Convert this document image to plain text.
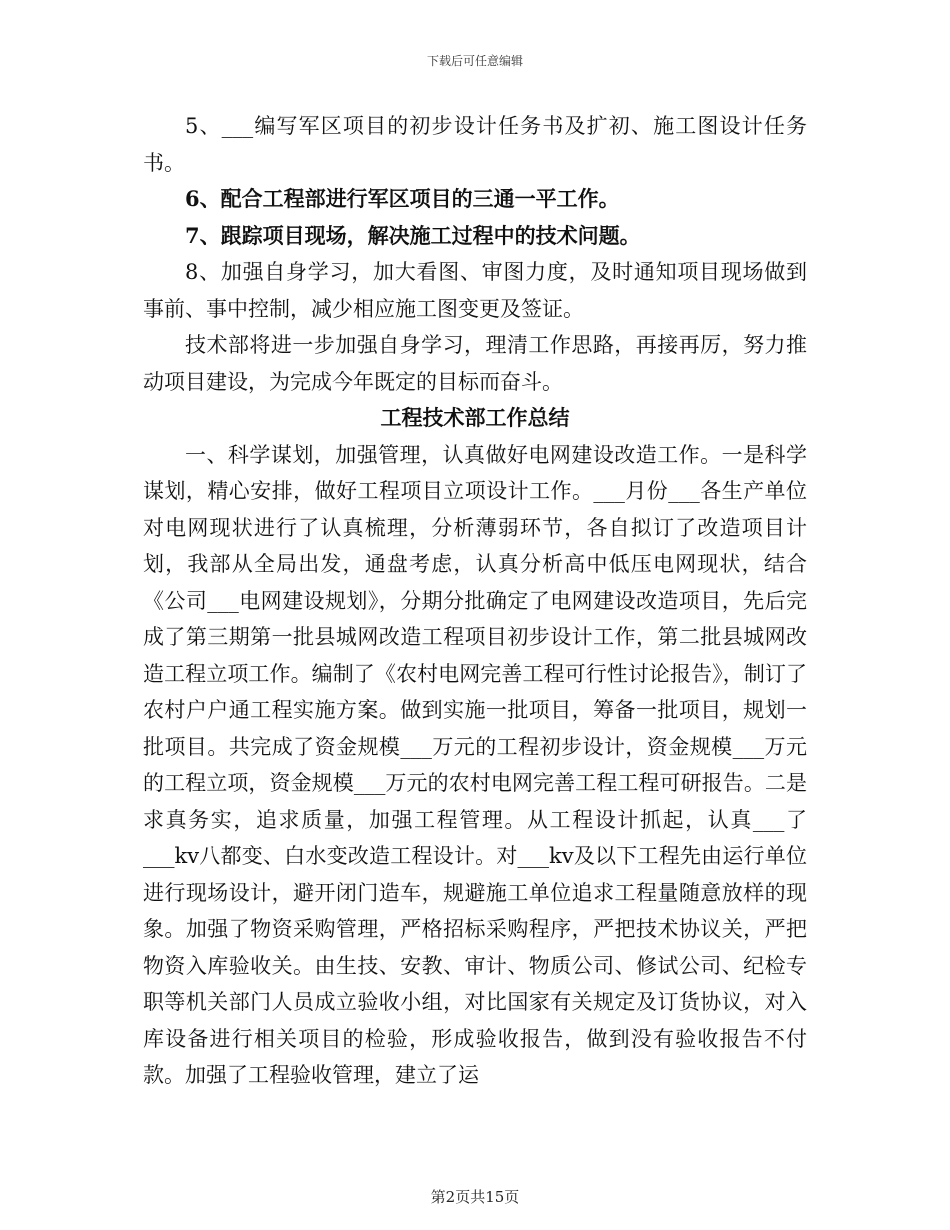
下载后可任意编辑

5、___编写军区项目的初步设计任务书及扩初、施工图设计任务书。

6、配合工程部进行军区项目的三通一平工作。

7、跟踪项目现场，解决施工过程中的技术问题。

8、加强自身学习，加大看图、审图力度，及时通知项目现场做到事前、事中控制，减少相应施工图变更及签证。

技术部将进一步加强自身学习，理清工作思路，再接再厉，努力推动项目建设，为完成今年既定的目标而奋斗。

工程技术部工作总结

一、科学谋划，加强管理，认真做好电网建设改造工作。一是科学谋划，精心安排，做好工程项目立项设计工作。___月份___各生产单位对电网现状进行了认真梳理，分析薄弱环节，各自拟订了改造项目计划，我部从全局出发，通盘考虑，认真分析高中低压电网现状，结合《公司___电网建设规划》，分期分批确定了电网建设改造项目，先后完成了第三期第一批县城网改造工程项目初步设计工作，第二批县城网改造工程立项工作。编制了《农村电网完善工程可行性讨论报告》，制订了农村户户通工程实施方案。做到实施一批项目，筹备一批项目，规划一批项目。共完成了资金规模___万元的工程初步设计，资金规模___万元的工程立项，资金规模___万元的农村电网完善工程工程可研报告。二是求真务实，追求质量，加强工程管理。从工程设计抓起，认真___了___kv八都变、白水变改造工程设计。对___kv及以下工程先由运行单位进行现场设计，避开闭门造车，规避施工单位追求工程量随意放样的现象。加强了物资采购管理，严格招标采购程序，严把技术协议关，严把物资入库验收关。由生技、安教、审计、物质公司、修试公司、纪检专职等机关部门人员成立验收小组，对比国家有关规定及订货协议，对入库设备进行相关项目的检验，形成验收报告，做到没有验收报告不付款。加强了工程验收管理，建立了运

第2页共15页
